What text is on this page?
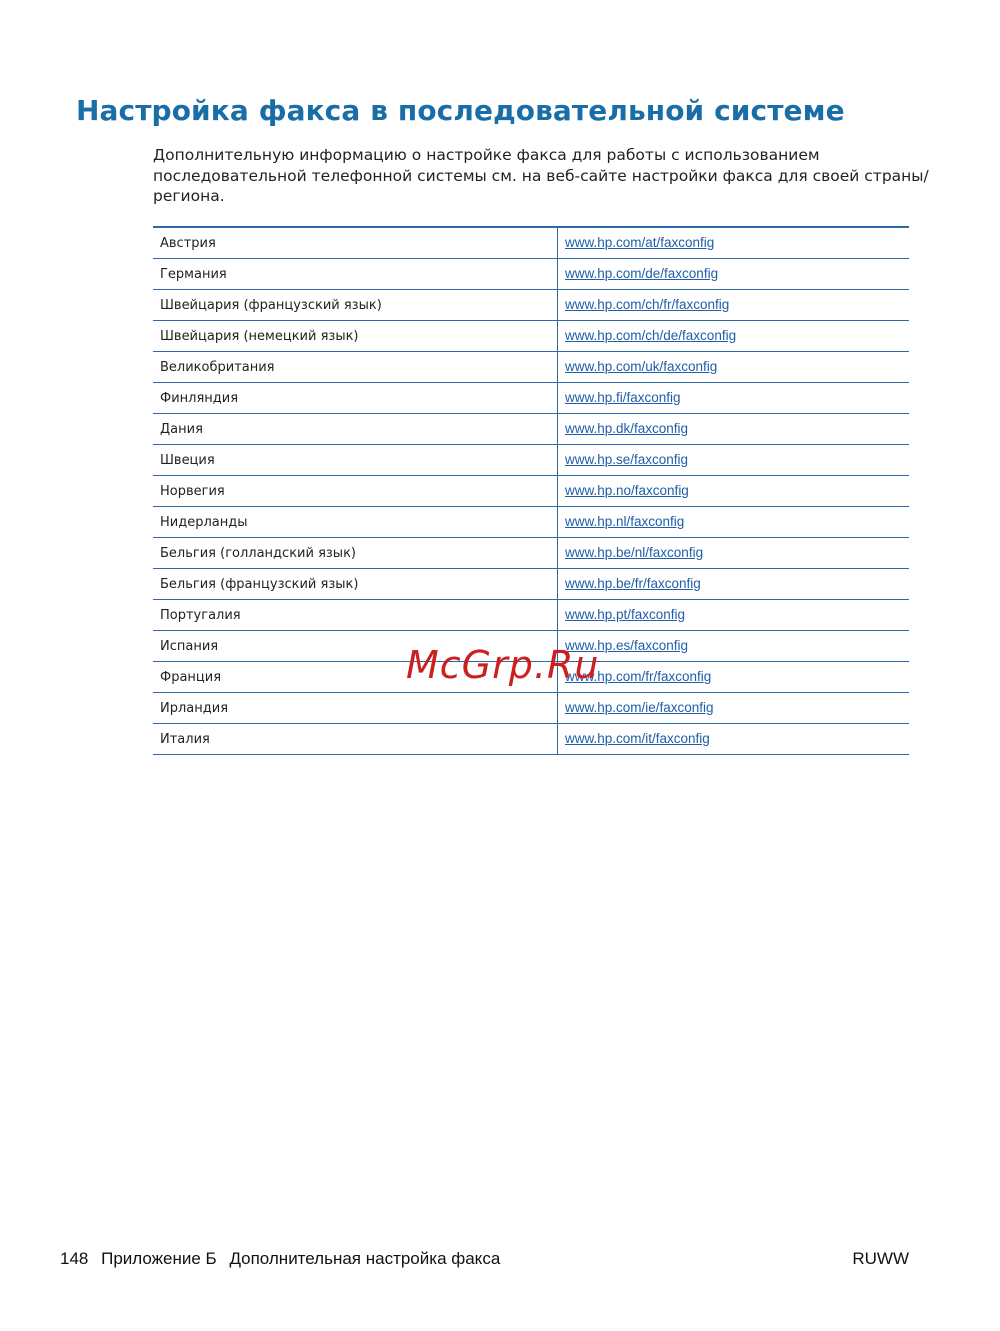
Настройка факса в последовательной системе

Дополнительную информацию о настройке факса для работы с использованием
последовательной телефонной системы см. на веб-сайте настройки факса для своей страны/
региона.

Австрия	www.hp.com/at/faxconfig
Германия	www.hp.com/de/faxconfig
Швейцария (французский язык)	www.hp.com/ch/fr/faxconfig
Швейцария (немецкий язык)	www.hp.com/ch/de/faxconfig
Великобритания	www.hp.com/uk/faxconfig
Финляндия	www.hp.fi/faxconfig
Дания	www.hp.dk/faxconfig
Швеция	www.hp.se/faxconfig
Норвегия	www.hp.no/faxconfig
Нидерланды	www.hp.nl/faxconfig
Бельгия (голландский язык)	www.hp.be/nl/faxconfig
Бельгия (французский язык)	www.hp.be/fr/faxconfig
Португалия	www.hp.pt/faxconfig
Испания	www.hp.es/faxconfig
Франция	www.hp.com/fr/faxconfig
Ирландия	www.hp.com/ie/faxconfig
Италия	www.hp.com/it/faxconfig
McGrp.Ru
148 Приложение Б Дополнительная настройка факса	RUWW
